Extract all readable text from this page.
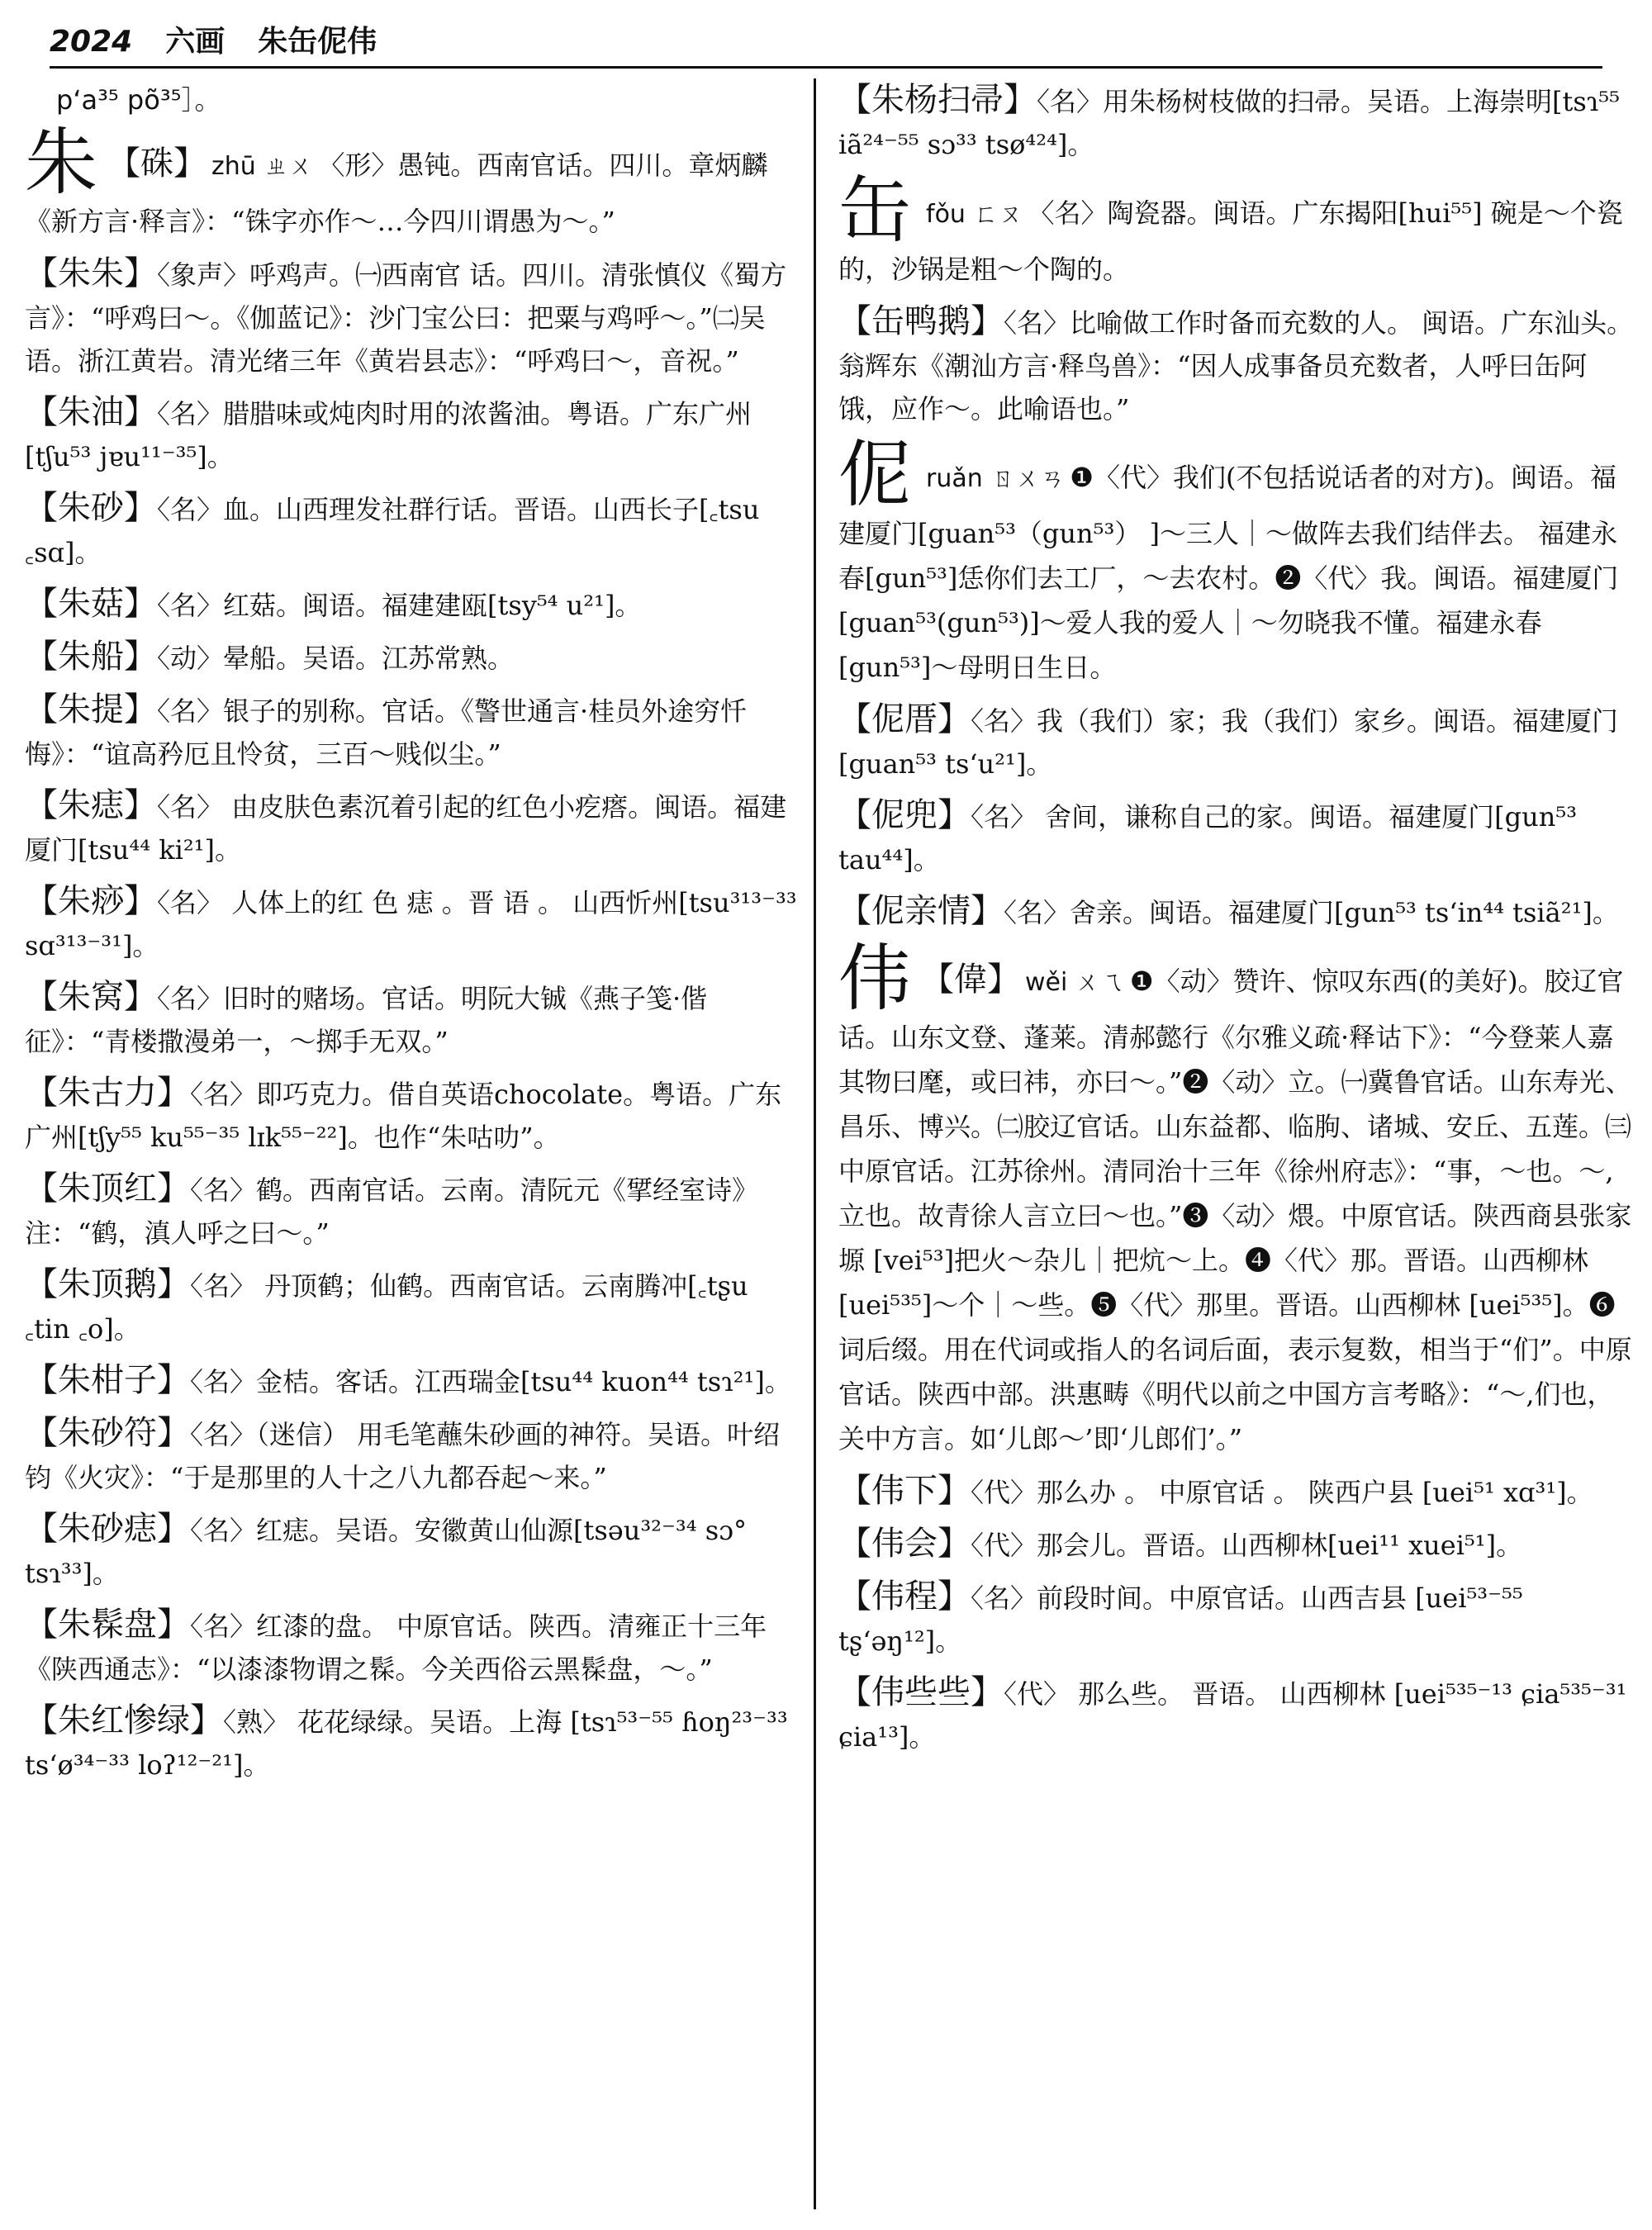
2024 六画 朱缶伲伟
p‘a³⁵ põ³⁵］。
朱 【硃】 zhū ㄓㄨ 〈形〉愚钝。西南官话。四川。章炳麟《新方言·释言》：“铢字亦作～…今四川谓愚为～。”
【朱朱】〈象声〉呼鸡声。㈠西南官 话。四川。清张慎仪《蜀方言》：“呼鸡曰～。《伽蓝记》：沙门宝公曰：把粟与鸡呼～。”㈡吴语。浙江黄岩。清光绪三年《黄岩县志》：“呼鸡曰～，音祝。”
【朱油】〈名〉腊腊味或炖肉时用的浓酱油。粤语。广东广州[tʃu⁵³ jɐu¹¹⁻³⁵]。
【朱砂】〈名〉血。山西理发社群行话。晋语。山西长子[꜀tsu ꜀sɑ]。
【朱菇】〈名〉红菇。闽语。福建建瓯[tsy⁵⁴ u²¹]。
【朱船】〈动〉晕船。吴语。江苏常熟。
【朱提】〈名〉银子的别称。官话。《警世通言·桂员外途穷忏悔》：“谊高矜厄且怜贫，三百～贱似尘。”
【朱痣】〈名〉 由皮肤色素沉着引起的红色小疙瘩。闽语。福建厦门[tsu⁴⁴ ki²¹]。
【朱痧】〈名〉 人体上的红 色 痣 。晋 语 。 山西忻州[tsu³¹³⁻³³ sɑ³¹³⁻³¹]。
【朱窝】〈名〉旧时的赌场。官话。明阮大铖《燕子笺·偕征》：“青楼撒漫弟一，～掷手无双。”
【朱古力】〈名〉即巧克力。借自英语chocolate。粤语。广东广州[tʃy⁵⁵ ku⁵⁵⁻³⁵ lɪk⁵⁵⁻²²]。也作“朱咕叻”。
【朱顶红】〈名〉鹤。西南官话。云南。清阮元《揅经室诗》注：“鹤，滇人呼之曰～。”
【朱顶鹅】〈名〉 丹顶鹤；仙鹤。西南官话。云南腾冲[꜀tʂu ꜀tin ꜀o]。
【朱柑子】〈名〉金桔。客话。江西瑞金[tsu⁴⁴ kuon⁴⁴ tsɿ²¹]。
【朱砂符】〈名〉（迷信） 用毛笔蘸朱砂画的神符。吴语。叶绍钧《火灾》：“于是那里的人十之八九都吞起～来。”
【朱砂痣】〈名〉红痣。吴语。安徽黄山仙源[tsəu³²⁻³⁴ sɔ° tsɿ³³]。
【朱髹盘】〈名〉红漆的盘。 中原官话。陕西。清雍正十三年《陕西通志》：“以漆漆物谓之髹。今关西俗云黑髹盘，～。”
【朱红惨绿】〈熟〉 花花绿绿。吴语。上海 [tsɿ⁵³⁻⁵⁵ ɦoŋ²³⁻³³ ts‘ø³⁴⁻³³ loʔ¹²⁻²¹]。
【朱杨扫帚】〈名〉用朱杨树枝做的扫帚。吴语。上海崇明[tsɿ⁵⁵ iã²⁴⁻⁵⁵ sɔ³³ tsø⁴²⁴]。
缶fǒu ㄈㄡ 〈名〉陶瓷器。闽语。广东揭阳[hui⁵⁵] 碗是～个瓷的，沙锅是粗～个陶的。
【缶鸭鹅】〈名〉比喻做工作时备而充数的人。 闽语。广东汕头。翁辉东《潮汕方言·释鸟兽》：“因人成事备员充数者，人呼曰缶阿饿，应作～。此喻语也。”
伲ruǎn ㄖㄨㄢ ❶〈代〉我们(不包括说话者的对方)。闽语。福建厦门[guan⁵³（gun⁵³） ]～三人｜～做阵去我们结伴去。 福建永春[gun⁵³]恁你们去工厂，～去农村。❷〈代〉我。闽语。福建厦门[guan⁵³(gun⁵³)]～爱人我的爱人｜～勿晓我不懂。福建永春 [gun⁵³]～母明日生日。
【伲厝】〈名〉我（我们）家；我（我们）家乡。闽语。福建厦门[guan⁵³ ts‘u²¹]。
【伲兜】〈名〉 舍间，谦称自己的家。闽语。福建厦门[gun⁵³ tau⁴⁴]。
【伲亲情】〈名〉舍亲。闽语。福建厦门[gun⁵³ ts‘in⁴⁴ tsiã²¹]。
伟 【偉】 wěi ㄨㄟ ❶〈动〉赞许、惊叹东西(的美好)。胶辽官话。山东文登、蓬莱。清郝懿行《尔雅义疏·释诂下》：“今登莱人嘉其物曰麾，或曰祎，亦曰～。”❷〈动〉立。㈠冀鲁官话。山东寿光、昌乐、博兴。㈡胶辽官话。山东益都、临朐、诸城、安丘、五莲。㈢中原官话。江苏徐州。清同治十三年《徐州府志》：“事，～也。～,立也。故青徐人言立曰～也。”❸〈动〉煨。中原官话。陕西商县张家塬 [vei⁵³]把火～杂儿｜把炕～上。❹〈代〉那。晋语。山西柳林[uei⁵³⁵]～个｜～些。❺〈代〉那里。晋语。山西柳林 [uei⁵³⁵]。❻词后缀。用在代词或指人的名词后面，表示复数，相当于“们”。中原官话。陕西中部。洪惠畴《明代以前之中国方言考略》：“～,们也，关中方言。如‘儿郎～’即‘儿郎们’。”
【伟下】〈代〉那么办 。 中原官话 。 陕西户县 [uei⁵¹ xɑ³¹]。
【伟会】〈代〉那会儿。晋语。山西柳林[uei¹¹ xuei⁵¹]。
【伟程】〈名〉前段时间。中原官话。山西吉县 [uei⁵³⁻⁵⁵ tʂ‘əŋ¹²]。
【伟些些】〈代〉 那么些。 晋语。 山西柳林 [uei⁵³⁵⁻¹³ ɕia⁵³⁵⁻³¹ ɕia¹³]。
